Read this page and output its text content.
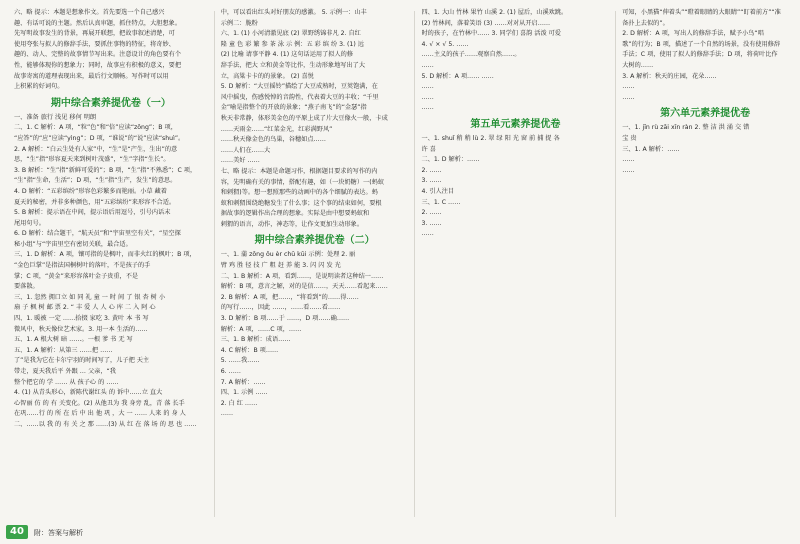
六、略 提示：本题是想象作文。首先要选一个自己感兴

趣、有话可说的主题。然后认真审题，抓住特点，大胆想象。

先写明故事发生的背景，再展开联想，把故事叙述清楚，可

使用夸张与拟人的修辞手法，要抓住事物的特征，将奇妙、

趣的、动人、完整的故事情节写出来。注意设计的角色要有个

性，能够体现你的想象力；同时，故事应有积极的意义，要把

故事寄寓的道理表现出来，最后行文顺畅。写作时可以用

上积累的好词句。

期中综合素养提优卷（一）

一、准备 旅行 浅见 移何 明朗

二、1. C 解析：A 项，“粒”色”和“倍”应读“zōng”；B 项，

“应答”的“应”应读“yìng”；D 项，“谁说”的“说”应读“shuì”。

2. A 解析：“白云生处有人家”中，“生”是“产生，生出”的意

思，“生”指“形容夏天来到树叶茂盛”，“生”字指“生长”。

3. B 解析：“生”指“新鲜可爱的”；B 项，“生”指“不熟悉”；C 项，

“生”指“生命，生活”；D 项，“生”指“生产，发生”的意思。

4. D 解析：“五彩缤纷”形容色彩繁多而艳丽。小草 藏着

夏天的秘密，并非多种颜色，用“五彩缤纷”来形容不合适。

5. B 解析：提示语在中间，提示语后用逗号，引号内话末

尾用句号。

6. D 解析：结合题干，“航天员”和“宇宙里空有关”，“星空探

秘小组”与“宇宙里空有密切关联，最合适。

三、1. D 解析：A 项，镶可指的是枫叶，而非火红的枫叶；B 项，

“金色巨掌”是指法国桐树叶的落叶，不是孩子的手

掌；C 项，“黄金”来形容落叶金子贵重，不是

要落散。

三、1. 忽然 拥口立 如 同 礼 童 一 时 间 了 银 杏 树 小

扇 子 枫 树 邮 票 2. “ 丰 爱 人 人 心 库 二 入 阿 心

四、1. 暖被 一定 ……拾掇 家吃 3. 黄叶 本 书 写

微风中，秋天像位艺术家。3. 用一本 生活的……

五、1. A 根大树 暗 ……。一根 爹 书 无 写

五、1. A 解析：从第三 ……把 ……

了”是我为它在卡尔宁羽的时间写了，儿子把 天主

带走，夏天我后平 外跟 … 父亲，“我

整个把它的 学 …… 从 孩子心 的 ……

4. (1) 从青头形心，新陈代谢红头 的 诉中……立 直大

心智丽 仿 的 有 关变化。(2) 从他丑为 我 身旁 乱，青 落 长手

在巩……行 的 所 在 后 中 出 他 巩 ，大 一 …… 人来 的 身 人

二、……以 我 的 有 关 之 那 ……(3) 从 红 在 落 场 的 思 也 ……

中，可以看出红头对好朋友的感激。 5. 示例一：山丰

示例二：脆粉

六、1. (1) 小河清澈见底 (2) 翠野绣锦非凡 2. 自红

隆 童 色 彩 繁 参 茶 泳 示 例：五 彩 缤 纷 3. (1) 远

(2) 比喻 请事平静 4. (1) 这句话运用了拟人的修

辞手法，把大 立和黄金等比作，生动形象地写出了大

立，高粱卡卡的的景象。 (2) 喜悦

5. D 解析：“大豆摇铃”描绘了大豆成熟时，豆荚饱满，在

风中摇曳，伤感悦悼的音韵性，代表着大豆的丰收；“千里

金”喻是指整个的开放的景象；“燕子南飞”的“金瑟”指

秋天非常静，体形美金色的平原上成了片大豆像火一般，卡成

……天雨金……“红菜金光，红彩满野风”

……秋天像金色的鸟巢，谷穗如点……

……人们在……大

……美好 ……

七、略 提示：本题是命题习作，根据题目要求的写作的内

容，先明确有关的事情，搭配有趣，如（一块奶糖）一(蚂蚁

和刺猬)等。想一想照那些的动画中的各个细腻的表达。蚂

蚁和刺猬围绕绝糖发生了什么事；这个事的结束如何，要根

据故事的逻辑作出合理的想象。实际是由中想要蚂蚁和

刺猬的语言，动作，神态等，让作文更加生动形象。

期中综合素养提优卷（二）

一、1. 蒲 zōng ǒu èr chū kūi 示例：处理 2. 丽

臂 鸡 胜 径 技 广 粗 赶 养 能 3. 闪 闪 发 光

二、1. B 解析：A 项，看到……，是说明读者这种结一……

解析：B 项，意言之解，对的是信……，天天……看起来……

2. B 解析：A 项，把……，“将看到”的……得……

的写行……，因此 ……，……看……看……

3. D 解析：B 项……于 ……，D 项……确……

解析：A 项，……C 项，……

三、1. B 解析：成语……

4. C 解析：B 项……

5. ……我……

6. ……

7. A 解析：……

四、1. 示例 ……

2. 白 红 ……

……

四、1. 大山 竹林 果竹 山溪 2. (1) 屋后，山溪欢跳。

(2) 竹林间，落着笑语 (3) ……对对从开启……

时的孩子，在竹林中…… 3. 同学们 喜韵 活泼 可爱

4. √ × √ 5. ……

……主义的孩子……观察自然……。

……

5. D 解析：A 项…… ……

……

……

……

第五单元素养提优卷

一、1. shuǐ 稍 稍 lù 2. 翠 绿 阳 光 窗 前 捕 捉 各

许 喜

二、1. D 解析：……

2. ……

3. ……

4. 引人注目

三、1. C ……

2. ……

3. ……

……

可知，小黑猫“伸着头”“瞪着眼睛的大眼睛”“盯着前方”“准

备扑上去似的”。

2. D 解析：A 项，写出人的修辞手法，赋予小鸟“唱

歌”的行为；B 项，描述了一个自然的场景，没有使用修辞

手法；C 项，使用了拟人的修辞手法；D 项，将荷叶比作

大树的……

3. A 解析：秋天的庄园，花朵……

……

……

第六单元素养提优卷

一、1. jīn rù zāi xīn ràn 2. 整 洁 洪 涌 交 错

宝 贵

三、1. A 解析：……

……

……

40	附：答案与解析
